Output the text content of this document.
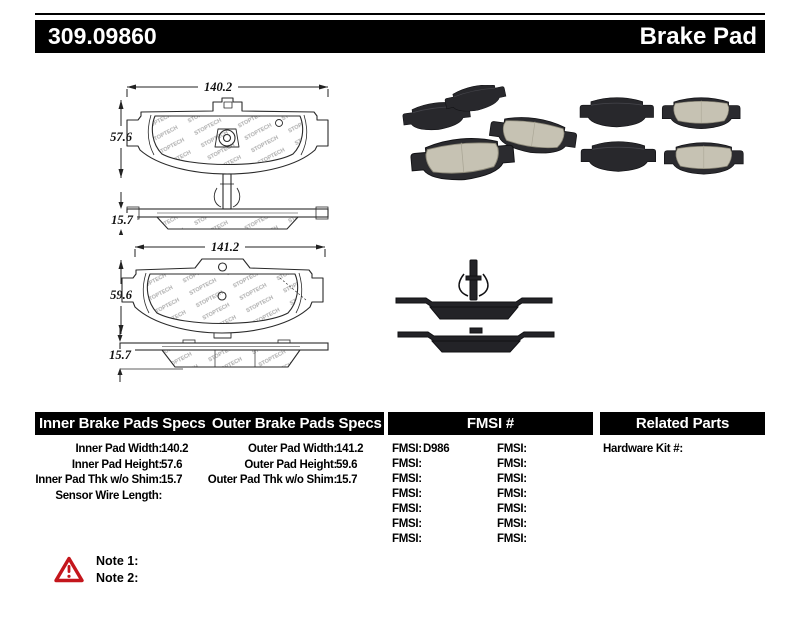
309.09860	Brake Pad
140.2
57.6
15.7
141.2
59.6
15.7
Inner Brake Pads Specs Outer Brake Pads Specs	FMSI #	Related Parts
Inner Pad Width: 140.2
Inner Pad Height: 57.6
Inner Pad Thk w/o Shim: 15.7
Sensor Wire Length:
Outer Pad Width: 141.2
Outer Pad Height: 59.6
Outer Pad Thk w/o Shim: 15.7
FMSI: D986	FMSI:
FMSI:	FMSI:
FMSI:	FMSI:
FMSI:	FMSI:
FMSI:	FMSI:
FMSI:	FMSI:
FMSI:	FMSI:
Hardware Kit #:
Note 1:
Note 2:
